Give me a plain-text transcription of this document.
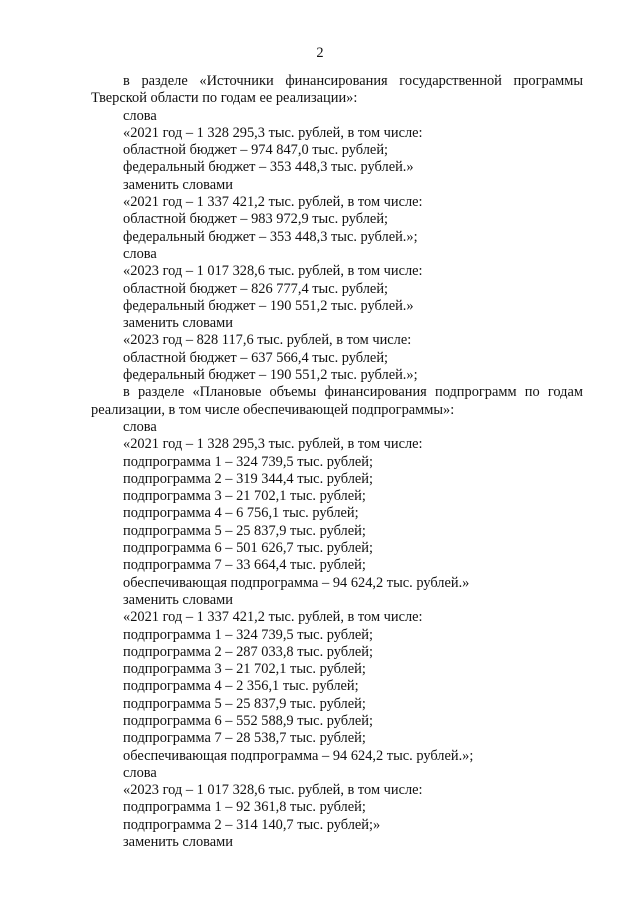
2
в разделе «Источники финансирования государственной программы
Тверской области по годам ее реализации»:
слова
«2021 год – 1 328 295,3 тыс. рублей, в том числе:
областной бюджет – 974 847,0 тыс. рублей;
федеральный бюджет – 353 448,3 тыс. рублей.»
заменить словами
«2021 год – 1 337 421,2 тыс. рублей, в том числе:
областной бюджет – 983 972,9 тыс. рублей;
федеральный бюджет – 353 448,3 тыс. рублей.»;
слова
«2023 год – 1 017 328,6 тыс. рублей, в том числе:
областной бюджет – 826 777,4 тыс. рублей;
федеральный бюджет – 190 551,2 тыс. рублей.»
заменить словами
«2023 год – 828 117,6 тыс. рублей, в том числе:
областной бюджет – 637 566,4 тыс. рублей;
федеральный бюджет – 190 551,2 тыс. рублей.»;
в разделе «Плановые объемы финансирования подпрограмм по годам
реализации, в том числе обеспечивающей подпрограммы»:
слова
«2021 год – 1 328 295,3 тыс. рублей, в том числе:
подпрограмма 1 – 324 739,5 тыс. рублей;
подпрограмма 2 – 319 344,4 тыс. рублей;
подпрограмма 3 – 21 702,1 тыс. рублей;
подпрограмма 4 – 6 756,1 тыс. рублей;
подпрограмма 5 – 25 837,9 тыс. рублей;
подпрограмма 6 – 501 626,7 тыс. рублей;
подпрограмма 7 – 33 664,4 тыс. рублей;
обеспечивающая подпрограмма – 94 624,2 тыс. рублей.»
заменить словами
«2021 год – 1 337 421,2 тыс. рублей, в том числе:
подпрограмма 1 – 324 739,5 тыс. рублей;
подпрограмма 2 – 287 033,8 тыс. рублей;
подпрограмма 3 – 21 702,1 тыс. рублей;
подпрограмма 4 – 2 356,1 тыс. рублей;
подпрограмма 5 – 25 837,9 тыс. рублей;
подпрограмма 6 – 552 588,9 тыс. рублей;
подпрограмма 7 – 28 538,7 тыс. рублей;
обеспечивающая подпрограмма – 94 624,2 тыс. рублей.»;
слова
«2023 год – 1 017 328,6 тыс. рублей, в том числе:
подпрограмма 1 – 92 361,8 тыс. рублей;
подпрограмма 2 – 314 140,7 тыс. рублей;»
заменить словами
